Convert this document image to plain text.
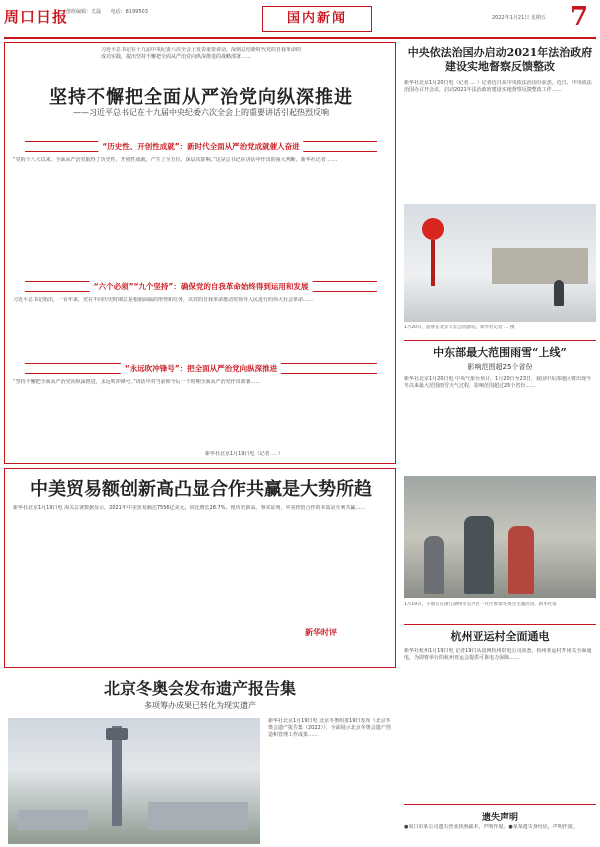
周口日报
值班编辑：尤磊 电话：8199503	国内新闻	2022年1月21日 星期五 7
习近平总书记在十九届中央纪委六次全会上发表重要讲话，深刻总结新时代党的自我革命的成功实践，提出坚持不懈把全面从严治党向纵深推进的战略部署……
坚持不懈把全面从严治党向纵深推进
——习近平总书记在十九届中央纪委六次全会上的重要讲话引起热烈反响
“历史性、开创性成就”：新时代全面从严治党成就催人奋进
“党的十八大以来，全面从严治党取得了历史性、开创性成就，产生了全方位、深层次影响。”这是总书记在讲话中作出的重大判断。新华社记者 ……
“六个必须”“九个坚持”：确保党的自我革命始终得到运用和发展
习近平总书记指出，一百年来，党在不同历史时期总是根据面临的形势和任务，以党的自我革命推动党领导人民进行的伟大社会革命……
“永远吹冲锋号”：把全面从严治党向纵深推进
“坚持不懈把全面从严治党向纵深推进，永远吹冲锋号。”讲话中对当前和今后一个时期全面从严治党作出部署……
新华社北京1月19日电（记者 … ）
中美贸易额创新高凸显合作共赢是大势所趋
新华社北京1月19日电 海关总署数据显示，2021年中美贸易额达7556亿美元，同比增长28.7%，创历史新高。事实证明，中美经贸合作的本质是互利共赢……
新华时评
北京冬奥会发布遗产报告集
多项筹办成果已转化为现实遗产
新华社北京1月19日电 北京冬奥组委19日发布《北京冬奥会遗产报告集（2022）》，全面展示北京冬奥会遗产创造和管理工作成果……
中央依法治国办启动2021年法治政府建设实地督察反馈整改
新华社北京1月20日电（记者 … ）记者近日从中央依法治国办获悉，近日，中央依法治国办召开会议，启动2021年法治政府建设实地督察反馈整改工作……
1月20日，游客在北京天坛公园游玩。新华社记者 … 摄
中东部最大范围雨雪“上线”
影响范围超25个省份
新华社北京1月20日电 中央气象台预计，1月20日至23日，我国中东部地区将出现今冬以来最大范围雨雪天气过程，影响范围超过25个省份……
1月19日，小朋友在浙江湖州市吴兴区一社区参加冬奥会主题活动。新华社发
杭州亚运村全面通电
新华社杭州1月19日电 记者19日从国网杭州供电公司获悉，杭州亚运村开闭关全面通电，为即将举行的杭州亚运会提供可靠电力保障……
遗失声明
●周口市某公司遗失营业执照副本，声明作废。●某某遗失身份证，声明作废。
